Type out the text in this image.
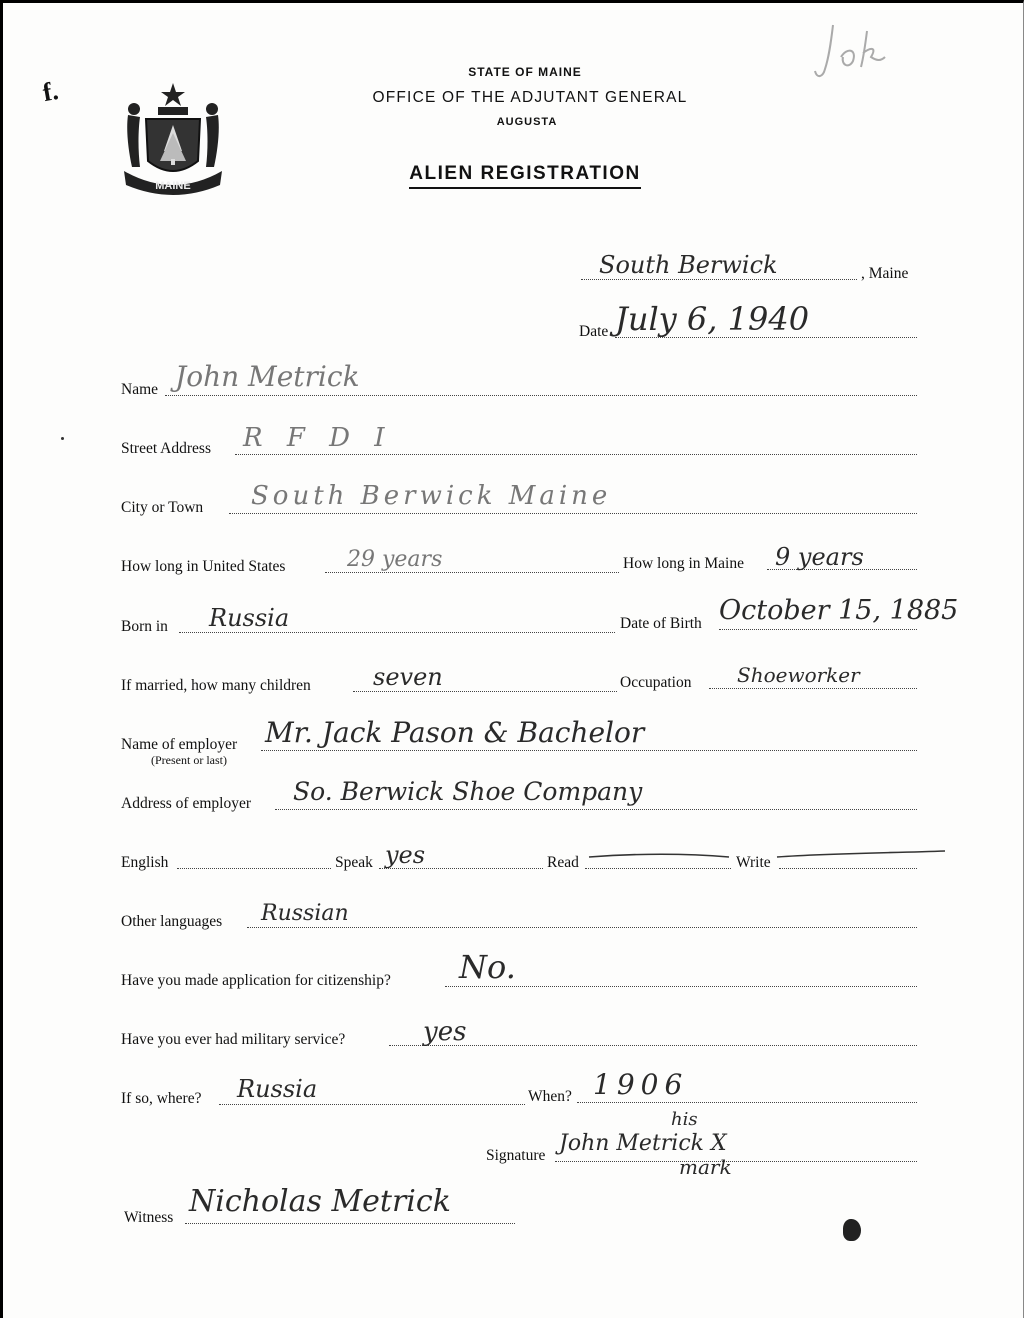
f.
MAINE
STATE OF MAINE
OFFICE OF THE ADJUTANT GENERAL
AUGUSTA
ALIEN REGISTRATION
South Berwick	, Maine
Date July 6, 1940
Name John Metrick
Street Address R F D I
City or Town South Berwick Maine
How long in United States	29 years	How long in Maine 9 years
Born in Russia	Date of Birth October 15, 1885
If married, how many children	seven	Occupation Shoeworker
Name of employer
(Present or last)
Mr. Jack Pason & Bachelor
Address of employer So. Berwick Shoe Company
English	Speak yes	Read	Write
Other languages Russian
Have you made application for citizenship? No.
Have you ever had military service?	yes
If so, where? Russia	When? 1906
Signature John Metrick X
his
mark
Witness Nicholas Metrick
